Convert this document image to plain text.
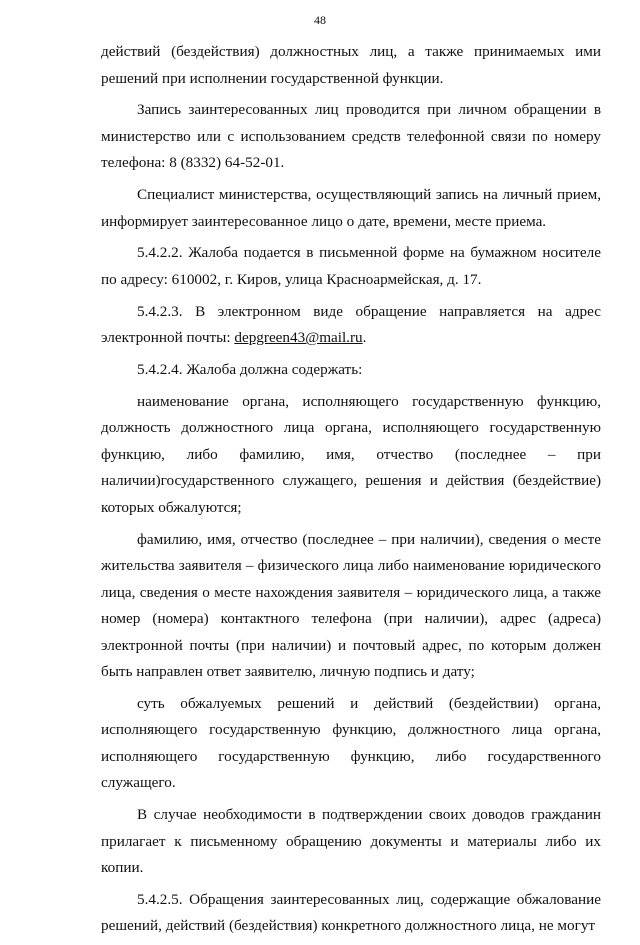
48

действий (бездействия) должностных лиц, а также принимаемых ими решений при исполнении государственной функции.

Запись заинтересованных лиц проводится при личном обращении в министерство или с использованием средств телефонной связи по номеру телефона: 8 (8332) 64-52-01.

Специалист министерства, осуществляющий запись на личный прием, информирует заинтересованное лицо о дате, времени, месте приема.

5.4.2.2. Жалоба подается в письменной форме на бумажном носителе по адресу: 610002, г. Киров, улица Красноармейская, д. 17.

5.4.2.3. В электронном виде обращение направляется на адрес электронной почты: depgreen43@mail.ru.

5.4.2.4. Жалоба должна содержать:

наименование органа, исполняющего государственную функцию, должность должностного лица органа, исполняющего государственную функцию, либо фамилию, имя, отчество (последнее – при наличии)государственного служащего, решения и действия (бездействие) которых обжалуются;

фамилию, имя, отчество (последнее – при наличии), сведения о месте жительства заявителя – физического лица либо наименование юридического лица, сведения о месте нахождения заявителя – юридического лица, а также номер (номера) контактного телефона (при наличии), адрес (адреса) электронной почты (при наличии) и почтовый адрес, по которым должен быть направлен ответ заявителю, личную подпись и дату;

суть обжалуемых решений и действий (бездействии) органа, исполняющего государственную функцию, должностного лица органа, исполняющего государственную функцию, либо государственного служащего.

В случае необходимости в подтверждении своих доводов гражданин прилагает к письменному обращению документы и материалы либо их копии.

5.4.2.5. Обращения заинтересованных лиц, содержащие обжалование решений, действий (бездействия) конкретного должностного лица, не могут
